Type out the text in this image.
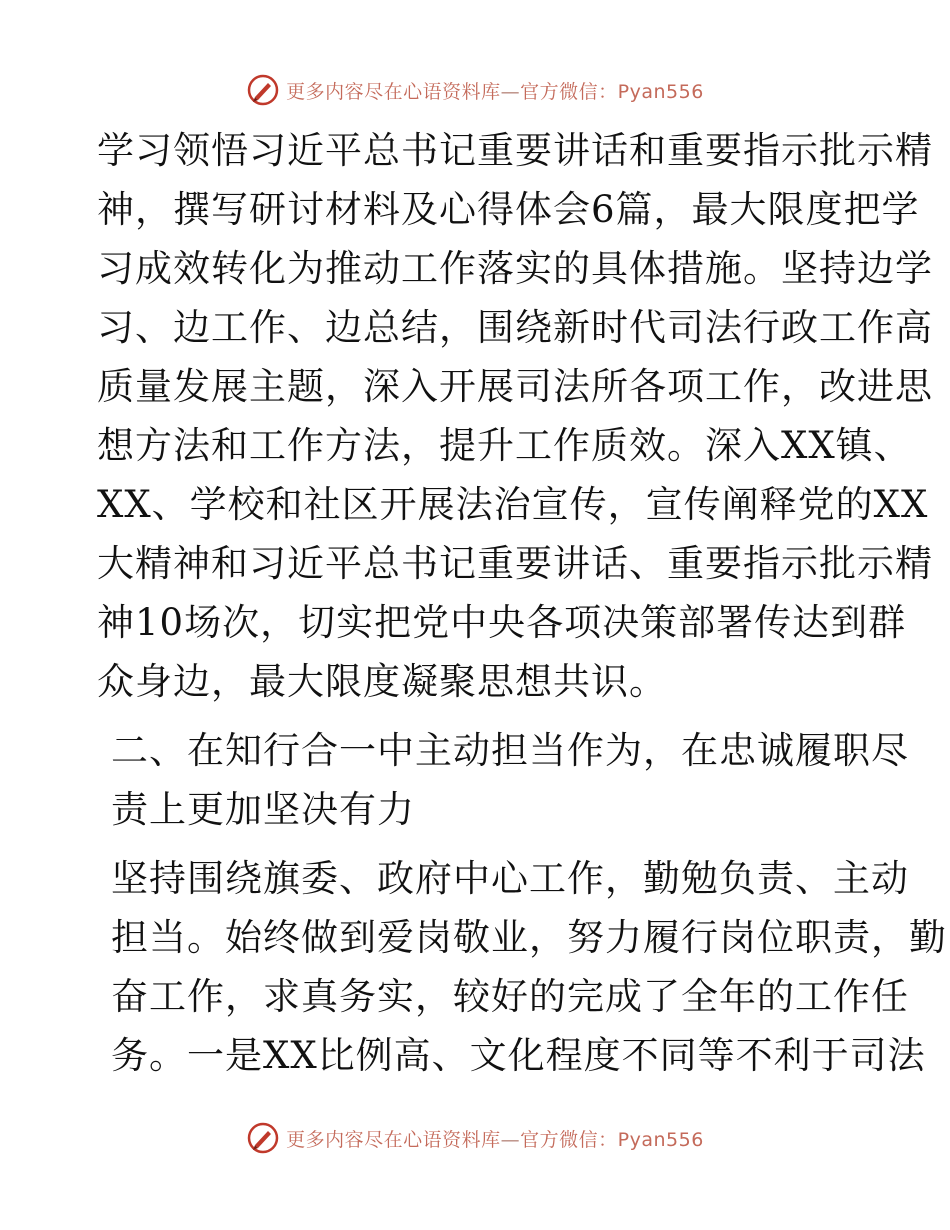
更多内容尽在心语资料库—官方微信：Pyan556

学习领悟习近平总书记重要讲话和重要指示批示精
神，撰写研讨材料及心得体会6篇，最大限度把学
习成效转化为推动工作落实的具体措施。坚持边学
习、边工作、边总结，围绕新时代司法行政工作高
质量发展主题，深入开展司法所各项工作，改进思
想方法和工作方法，提升工作质效。深入XX镇、
XX、学校和社区开展法治宣传，宣传阐释党的XX
大精神和习近平总书记重要讲话、重要指示批示精
神10场次，切实把党中央各项决策部署传达到群
众身边，最大限度凝聚思想共识。

二、在知行合一中主动担当作为，在忠诚履职尽
责上更加坚决有力

坚持围绕旗委、政府中心工作，勤勉负责、主动
担当。始终做到爱岗敬业，努力履行岗位职责，勤
奋工作，求真务实，较好的完成了全年的工作任
务。一是XX比例高、文化程度不同等不利于司法

更多内容尽在心语资料库—官方微信：Pyan556
